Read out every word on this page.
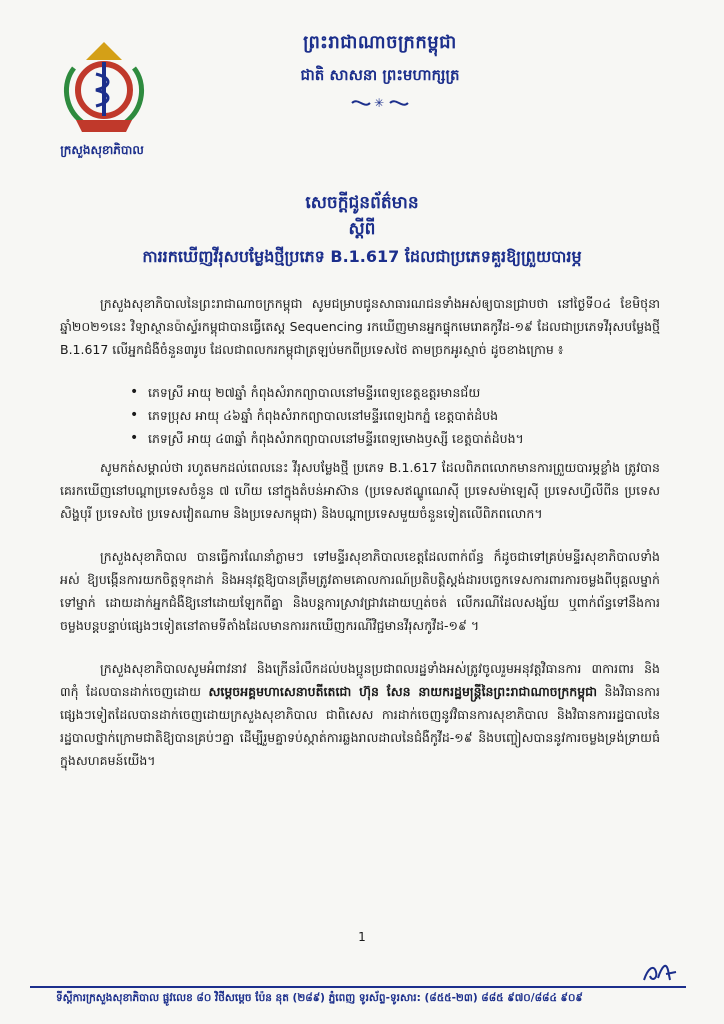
ក្រសួងសុខាភិបាល
ព្រះរាជាណាចក្រកម្ពុជា
ជាតិ សាសនា ព្រះមហាក្សត្រ
✳
សេចក្ដីជូនព័ត៌មាន
ស្ដីពី
ការរកឃើញវីរុសបម្លែងថ្មីប្រភេទ B.1.617 ដែលជាប្រភេទគួរឱ្យព្រួយបារម្ភ

ក្រសួងសុខាភិបាលនៃព្រះរាជាណាចក្រកម្ពុជា សូមជម្រាបជូនសាធារណជនទាំងអស់ឲ្យបានជ្រាបថា នៅថ្ងៃទី០៤ ខែមិថុនា ឆ្នាំ២០២១នេះ វិទ្យាស្ថានប៉ាស្ទ័រកម្ពុជាបានធ្វើតេស្ត Sequencing រកឃើញមានអ្នកផ្ទុកមេរោគកូវីដ-១៩ ដែលជាប្រភេទវីរុសបម្លែងថ្មី B.1.617 លើអ្នកជំងឺចំនួន៣រូប ដែលជាពលករកម្ពុជាត្រឡប់មកពីប្រទេសថៃ តាមច្រកអូរស្មាច់ ដូចខាងក្រោម ៖

• ភេទស្រី អាយុ ២៧ឆ្នាំ កំពុងសំរាកព្យាបាលនៅមន្ទីរពេទ្យខេត្តឧត្តរមានជ័យ
• ភេទប្រុស អាយុ ៤៦ឆ្នាំ កំពុងសំរាកព្យាបាលនៅមន្ទីរពេទ្យឯកភ្នំ ខេត្តបាត់ដំបង
• ភេទស្រី អាយុ ៤៣ឆ្នាំ កំពុងសំរាកព្យាបាលនៅមន្ទីរពេទ្យមោងឫស្សី ខេត្តបាត់ដំបង។

សូមកត់សម្គាល់ថា រហូតមកដល់ពេលនេះ វីរុសបម្លែងថ្មី ប្រភេទ B.1.617 ដែលពិភពលោកមានការព្រួយបារម្ភខ្លាំង ត្រូវបានគេរកឃើញនៅបណ្ដាប្រទេសចំនួន ៧ ហើយ នៅក្នុងតំបន់អាស៊ាន (ប្រទេសឥណ្ឌូណេស៊ី ប្រទេសម៉ាឡេស៊ី ប្រទេសហ្វីលីពីន ប្រទេសសិង្ហបុរី ប្រទេសថៃ ប្រទេសវៀតណាម និងប្រទេសកម្ពុជា) និងបណ្ដាប្រទេសមួយចំនួនទៀតលើពិភពលោក។

ក្រសួងសុខាភិបាល បានធ្វើការណែនាំភ្លាមៗ ទៅមន្ទីរសុខាភិបាលខេត្តដែលពាក់ព័ន្ធ ក៏ដូចជាទៅគ្រប់មន្ទីរសុខាភិបាលទាំងអស់ ឱ្យបង្កើនការយកចិត្តទុកដាក់ និងអនុវត្តឱ្យបានត្រឹមត្រូវតាមគោលការណ៍ប្រតិបត្តិស្តង់ដារបច្ចេកទេសការពារការចម្លងពីបុគ្គលម្នាក់ទៅម្នាក់ ដោយដាក់អ្នកជំងឺឱ្យនៅដោយឡែកពីគ្នា និងបន្តការស្រាវជ្រាវដោយហ្មត់ចត់ លើករណីដែលសង្ស័យ ឬពាក់ព័ន្ធទៅនឹងការចម្លងបន្តបន្ទាប់ផ្សេងៗទៀតនៅតាមទីតាំងដែលមានការរកឃើញករណីវិជ្ជមានវីរុសកូវីដ-១៩ ។

ក្រសួងសុខាភិបាលសូមអំពាវនាវ និងក្រើនរំលឹកដល់បងប្អូនប្រជាពលរដ្ឋទាំងអស់ត្រូវចូលរួមអនុវត្តវិធានការ ៣ការពារ និង ៣កុំ ដែលបានដាក់ចេញដោយ សម្ដេចអគ្គមហាសេនាបតីតេជោ ហ៊ុន សែន នាយករដ្ឋមន្ត្រីនៃព្រះរាជាណាចក្រកម្ពុជា និងវិធានការផ្សេងៗទៀតដែលបានដាក់ចេញដោយក្រសួងសុខាភិបាល ជាពិសេស ការដាក់ចេញនូវវិធានការសុខាភិបាល និងវិធានការរដ្ឋបាលនៃរដ្ឋបាលថ្នាក់ក្រោមជាតិឱ្យបានគ្រប់ៗគ្នា ដើម្បីរួមគ្នាទប់ស្កាត់ការឆ្លងរាលដាលនៃជំងឺកូវីដ-១៩ និងបញ្ចៀសបាននូវការចម្លងទ្រង់ទ្រាយធំក្នុងសហគមន៍យើង។

1
ទីស្តីការក្រសួងសុខាភិបាល ផ្លូវលេខ ៨០ វិថីសម្ដេច ប៉ែន នុត (២៨៩) ភ្នំពេញ ទូរស័ព្ទ-ទូរសារ: (៨៥៥-២៣) ៨៨៥ ៩៧០/៨៨៤ ៩០៩
